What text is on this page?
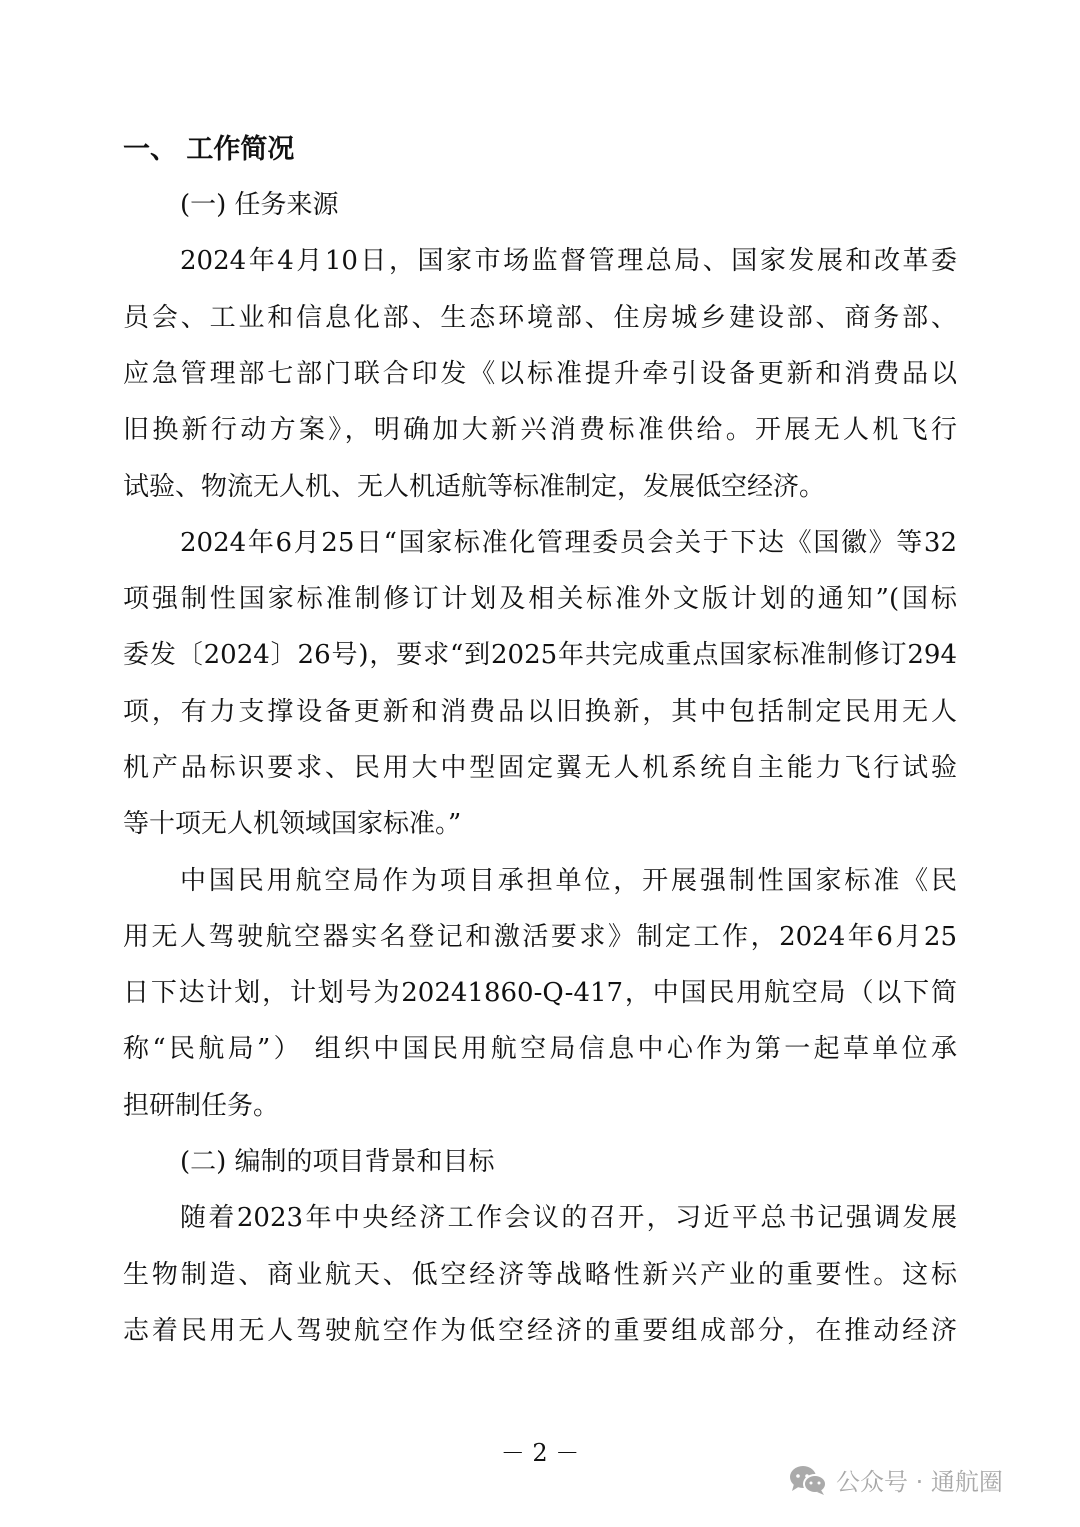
一、 工作简况
(一) 任务来源
2024年4月10日，国家市场监督管理总局、国家发展和改革委
员会、工业和信息化部、生态环境部、住房城乡建设部、商务部、
应急管理部七部门联合印发《以标准提升牵引设备更新和消费品以
旧换新行动方案》，明确加大新兴消费标准供给。开展无人机飞行
试验、物流无人机、无人机适航等标准制定，发展低空经济。
2024年6月25日“国家标准化管理委员会关于下达《国徽》等32
项强制性国家标准制修订计划及相关标准外文版计划的通知”(国标
委发〔2024〕26号)，要求“到2025年共完成重点国家标准制修订294
项，有力支撑设备更新和消费品以旧换新，其中包括制定民用无人
机产品标识要求、民用大中型固定翼无人机系统自主能力飞行试验
等十项无人机领域国家标准。”
中国民用航空局作为项目承担单位，开展强制性国家标准《民
用无人驾驶航空器实名登记和激活要求》制定工作，2024年6月25
日下达计划，计划号为20241860-Q-417，中国民用航空局（以下简
称“民航局”） 组织中国民用航空局信息中心作为第一起草单位承
担研制任务。
(二) 编制的项目背景和目标
随着2023年中央经济工作会议的召开，习近平总书记强调发展
生物制造、商业航天、低空经济等战略性新兴产业的重要性。这标
志着民用无人驾驶航空作为低空经济的重要组成部分，在推动经济
－ 2 －
公众号 · 通航圈
